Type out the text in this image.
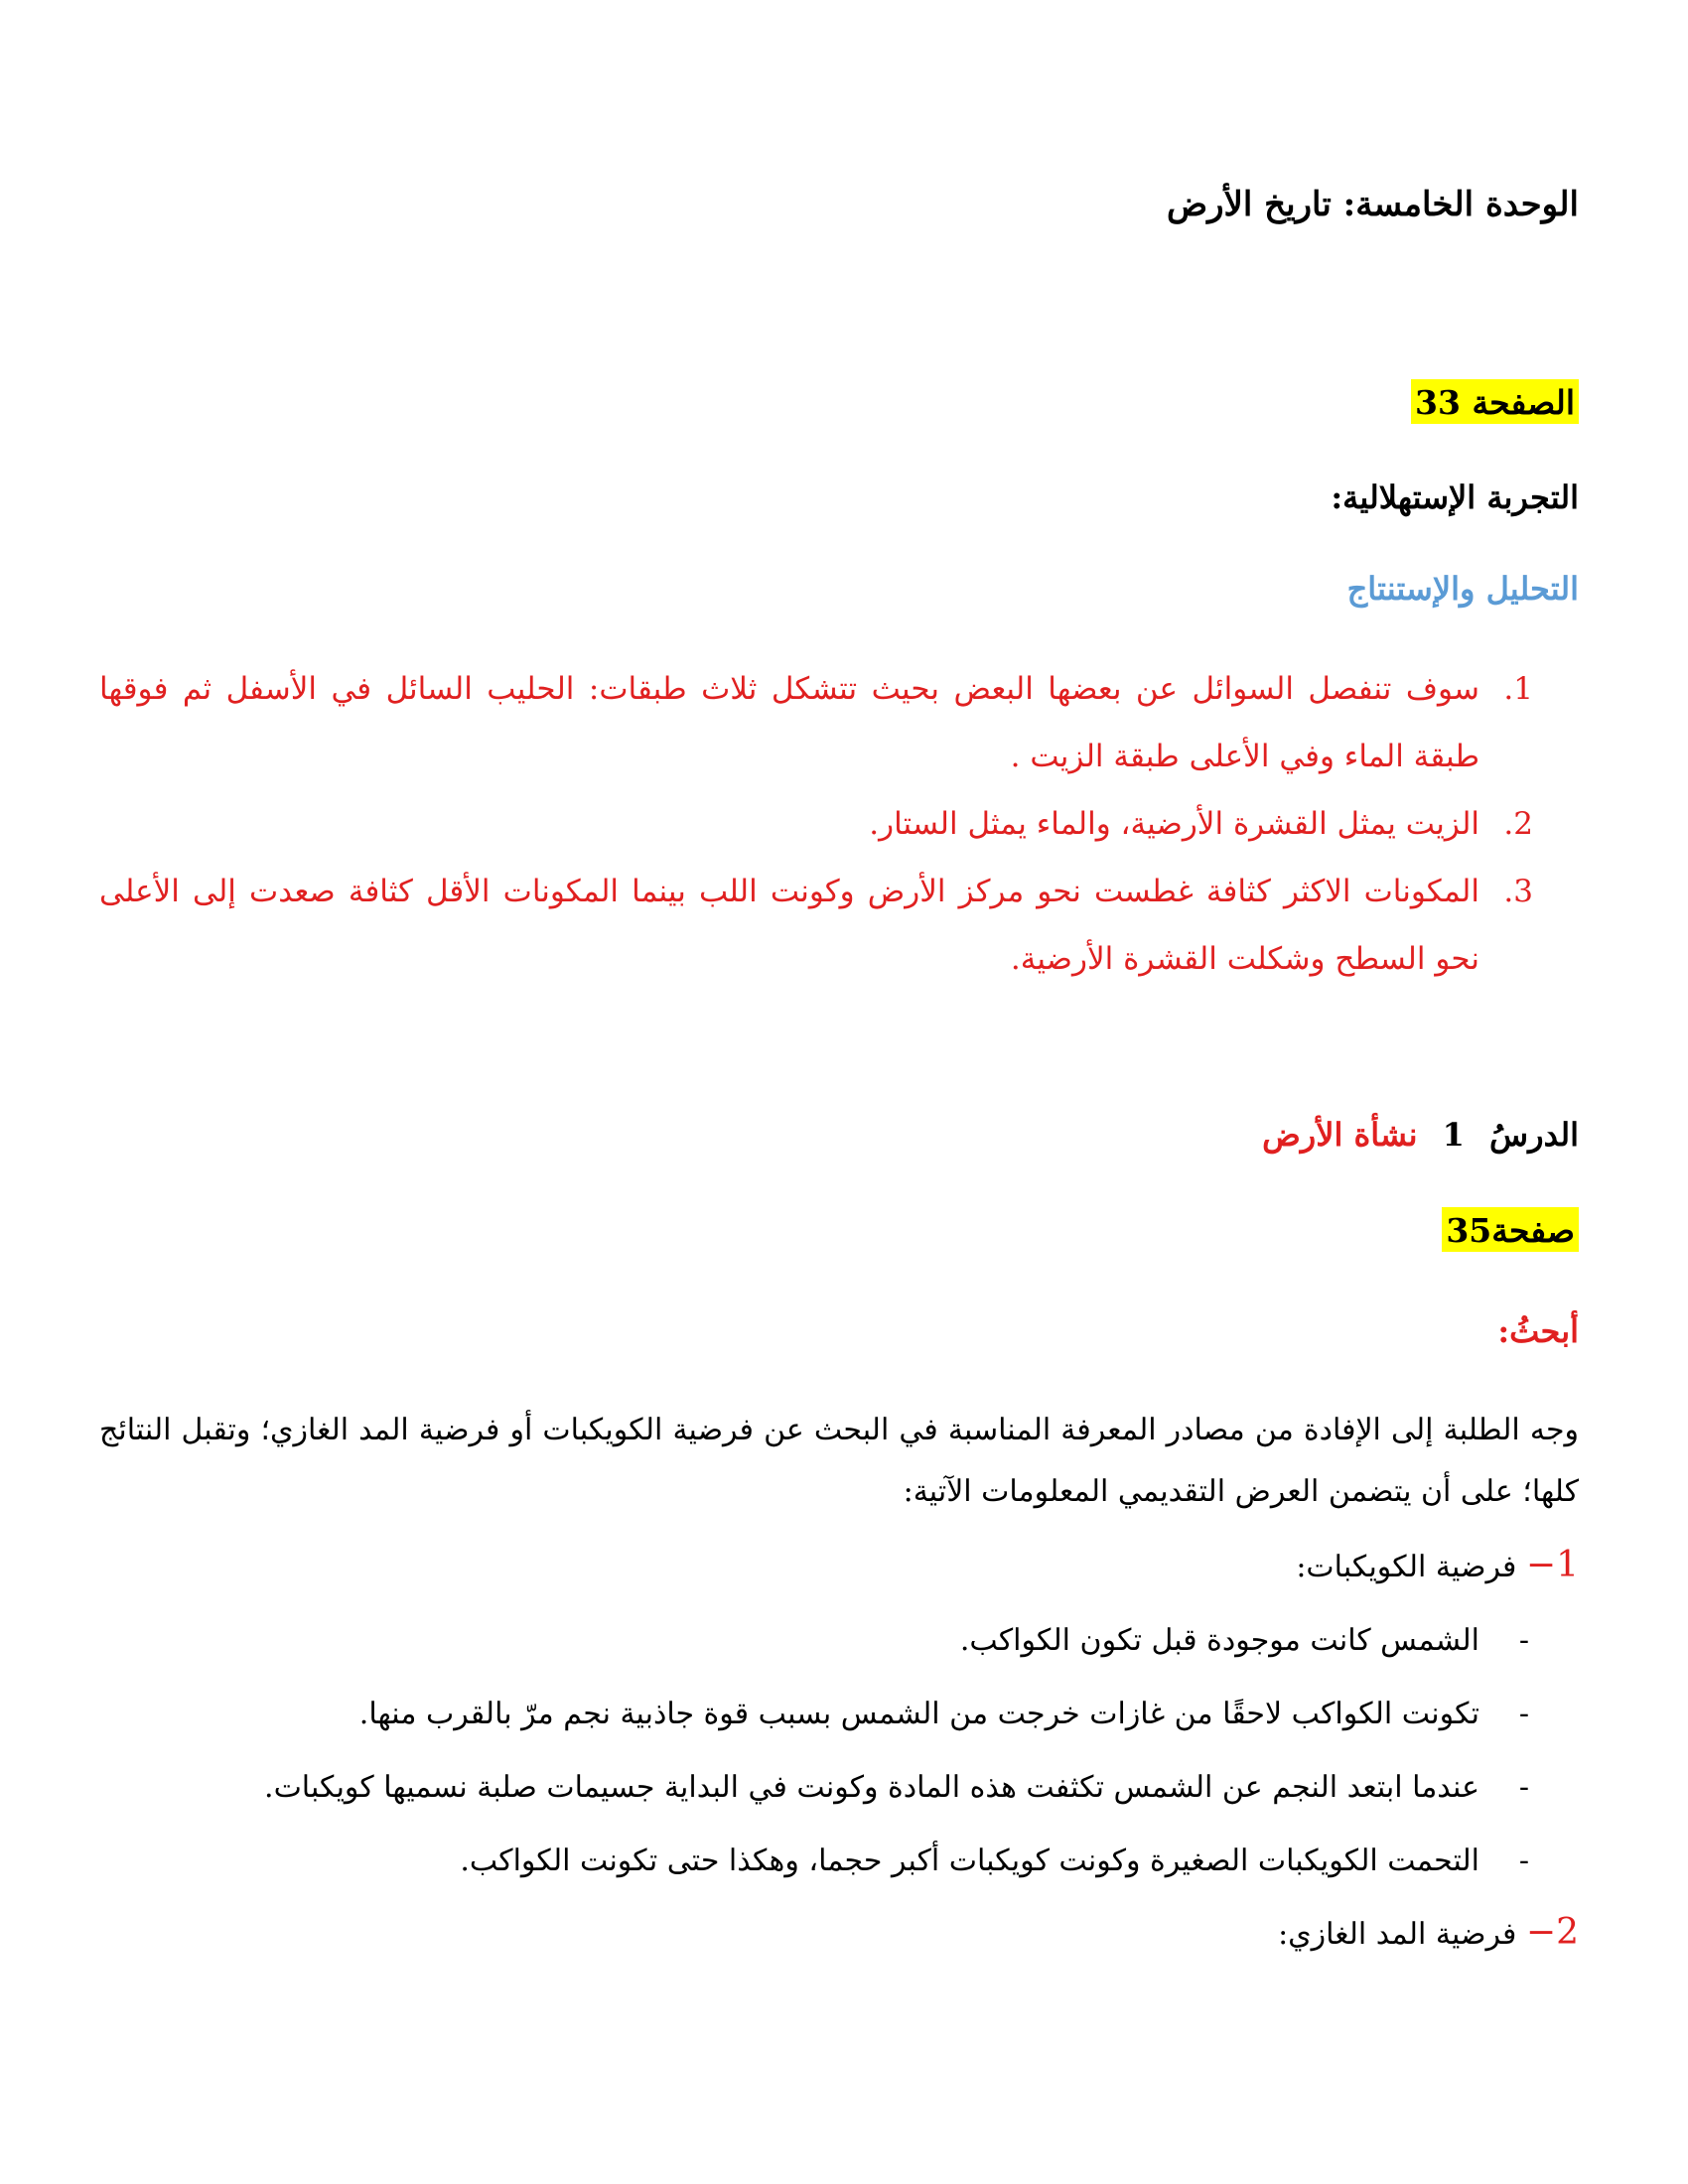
الوحدة الخامسة: تاريخ الأرض
الصفحة 33
التجربة الإستهلالية:
التحليل والإستنتاج
1.
سوف تنفصل السوائل عن بعضها البعض بحيث تتشكل ثلاث طبقات: الحليب السائل في الأسفل ثم فوقها طبقة الماء وفي الأعلى طبقة الزيت .
2.
الزيت يمثل القشرة الأرضية، والماء يمثل الستار.
3.
المكونات الاكثر كثافة غطست نحو مركز الأرض وكونت اللب بينما المكونات الأقل كثافة صعدت إلى الأعلى نحو السطح وشكلت القشرة الأرضية.
الدرسُ 1 نشأة الأرض
صفحة35
أبحثُ:
وجه الطلبة إلى الإفادة من مصادر المعرفة المناسبة في البحث عن فرضية الكويكبات أو فرضية المد الغازي؛ وتقبل النتائج كلها؛ على أن يتضمن العرض التقديمي المعلومات الآتية:
1− فرضية الكويكبات:
-
الشمس كانت موجودة قبل تكون الكواكب.
-
تكونت الكواكب لاحقًا من غازات خرجت من الشمس بسبب قوة جاذبية نجم مرّ بالقرب منها.
-
عندما ابتعد النجم عن الشمس تكثفت هذه المادة وكونت في البداية جسيمات صلبة نسميها كويكبات.
-
التحمت الكويكبات الصغيرة وكونت كويكبات أكبر حجما، وهكذا حتى تكونت الكواكب.
2− فرضية المد الغازي:
